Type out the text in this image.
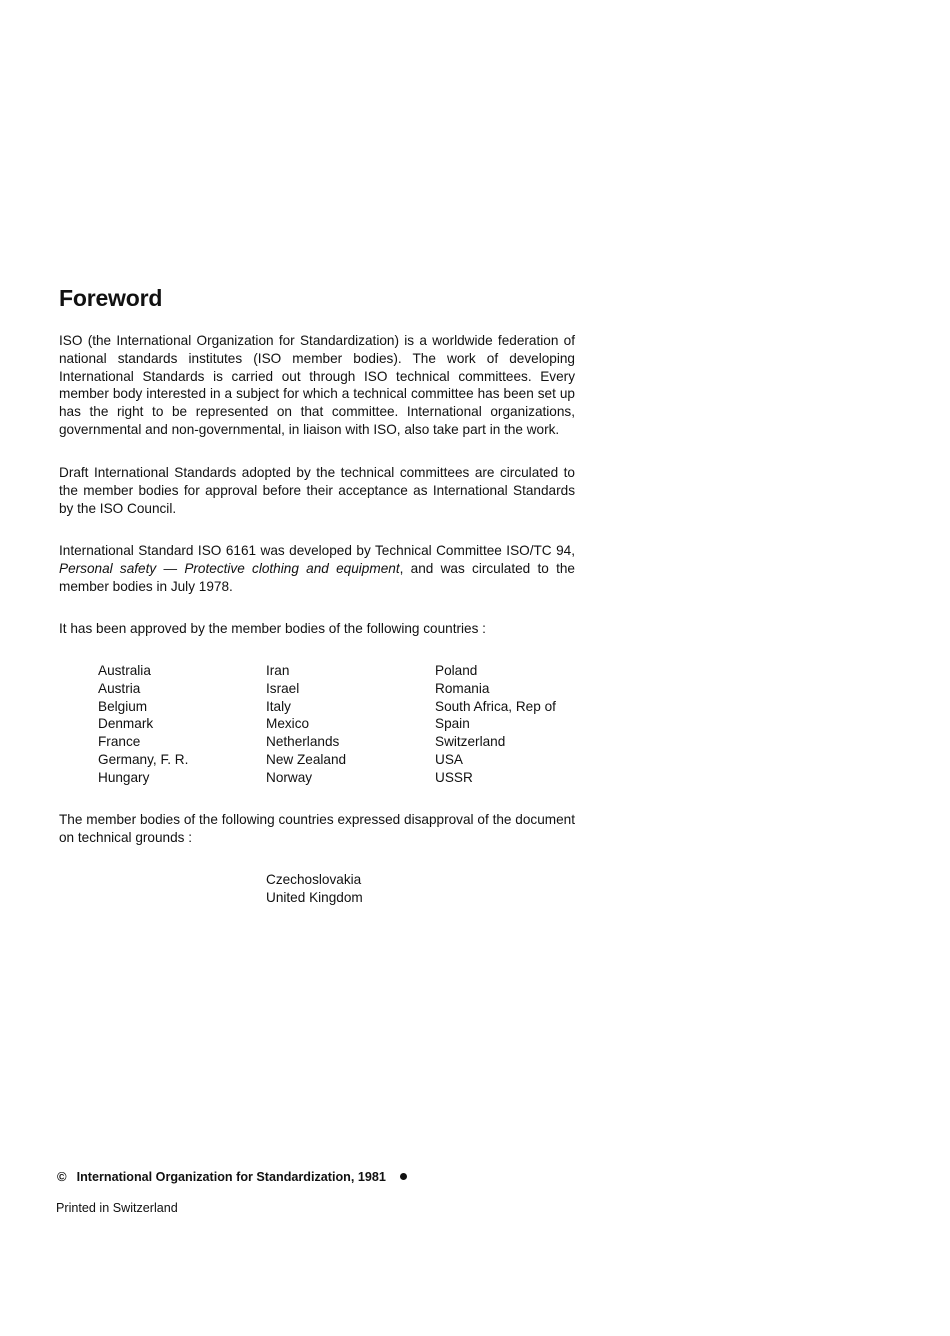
Foreword

ISO (the International Organization for Standardization) is a worldwide federation of national standards institutes (ISO member bodies). The work of developing International Standards is carried out through ISO technical committees. Every member body interested in a subject for which a technical committee has been set up has the right to be represented on that committee. International organizations, governmental and non-governmental, in liaison with ISO, also take part in the work.

Draft International Standards adopted by the technical committees are circulated to the member bodies for approval before their acceptance as International Standards by the ISO Council.

International Standard ISO 6161 was developed by Technical Committee ISO/TC 94, Personal safety — Protective clothing and equipment, and was circulated to the member bodies in July 1978.

It has been approved by the member bodies of the following countries :

Australia
Austria
Belgium
Denmark
France
Germany, F. R.
Hungary
Iran
Israel
Italy
Mexico
Netherlands
New Zealand
Norway
Poland
Romania
South Africa, Rep of
Spain
Switzerland
USA
USSR

The member bodies of the following countries expressed disapproval of the document on technical grounds :

Czechoslovakia
United Kingdom
© International Organization for Standardization, 1981
Printed in Switzerland
